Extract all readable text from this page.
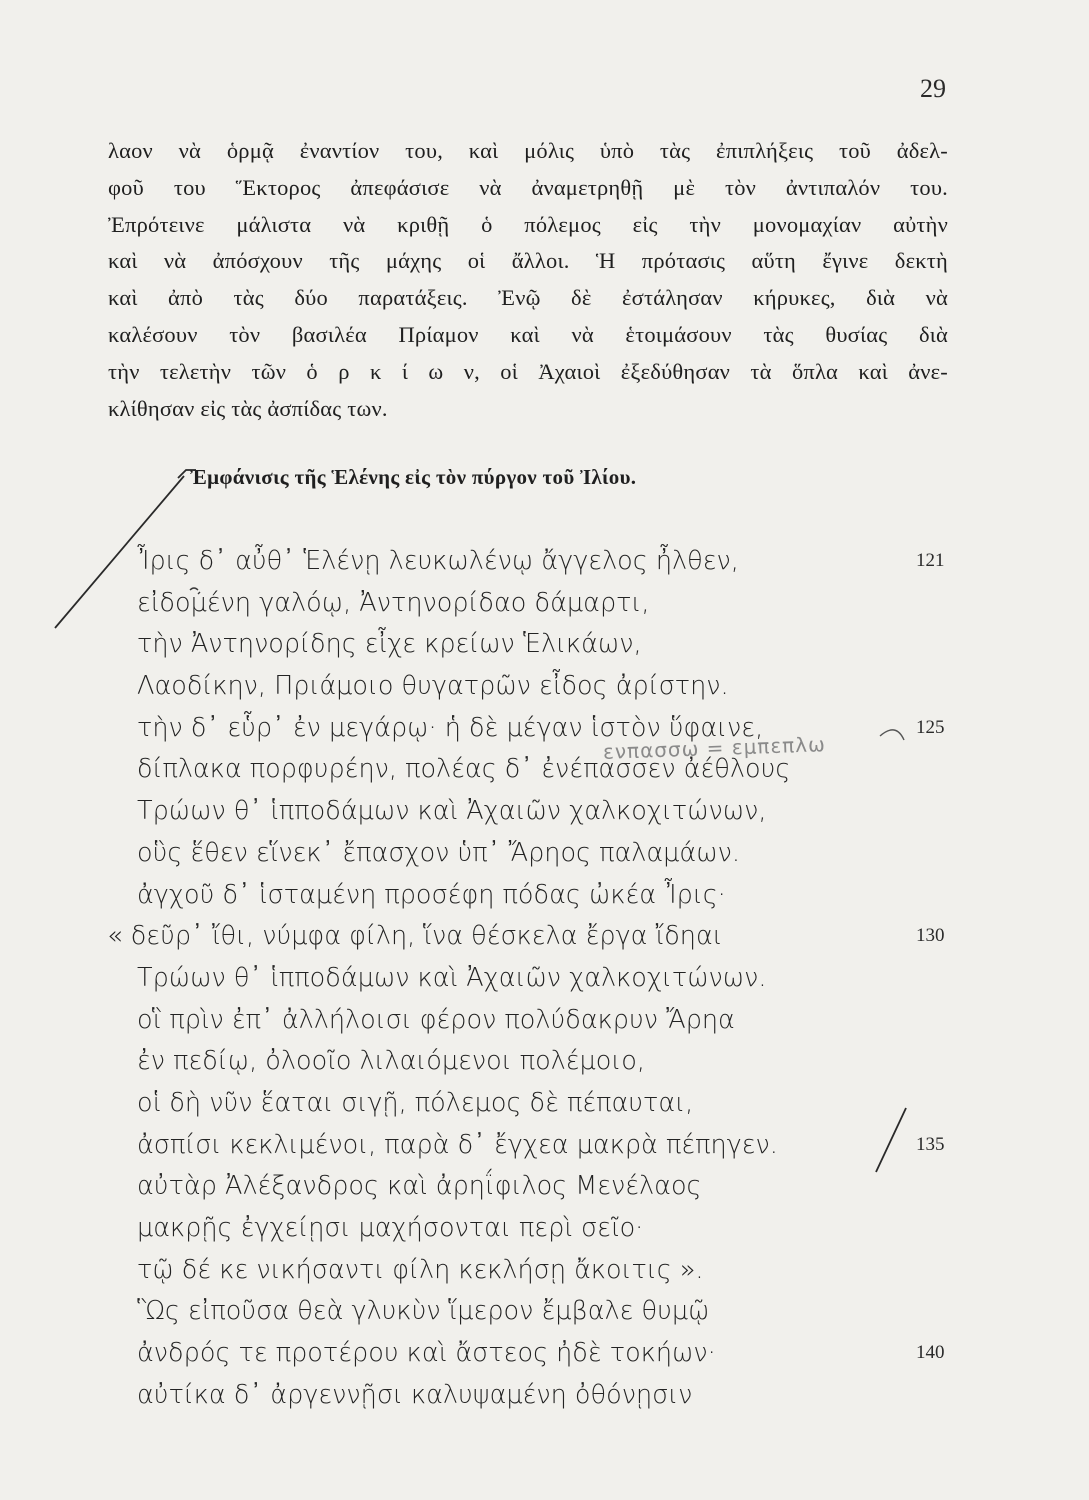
29
λαον νὰ ὁρμᾷ ἐναντίον του, καὶ μόλις ὑπὸ τὰς ἐπιπλήξεις τοῦ ἀδελ-
φοῦ του Ἕκτορος ἀπεφάσισε νὰ ἀναμετρηθῇ μὲ τὸν ἀντιπαλόν του.
Ἐπρότεινε μάλιστα νὰ κριθῇ ὁ πόλεμος εἰς τὴν μονομαχίαν αὐτὴν
καὶ νὰ ἀπόσχουν τῆς μάχης οἱ ἄλλοι. Ἡ πρότασις αὕτη ἔγινε δεκτὴ
καὶ ἀπὸ τὰς δύο παρατάξεις. Ἐνῷ δὲ ἐστάλησαν κήρυκες, διὰ νὰ
καλέσουν τὸν βασιλέα Πρίαμον καὶ νὰ ἑτοιμάσουν τὰς θυσίας διὰ
τὴν τελετὴν τῶν ὁ ρ κ ί ω ν, οἱ Ἀχαιοὶ ἐξεδύθησαν τὰ ὅπλα καὶ ἀνε-
κλίθησαν εἰς τὰς ἀσπίδας των.
Ἐμφάνισις τῆς Ἑλένης εἰς τὸν πύργον τοῦ Ἰλίου.
Ἶρις δ᾽ αὖθ᾽ Ἑλένῃ λευκωλένῳ ἄγγελος ἦλθεν,	121
εἰδομένη γαλόῳ, Ἀντηνορίδαο δάμαρτι,
τὴν Ἀντηνορίδης εἶχε κρείων Ἑλικάων,
Λαοδίκην, Πριάμοιο θυγατρῶν εἶδος ἀρίστην.
τὴν δ᾽ εὗρ᾽ ἐν μεγάρῳ· ἡ δὲ μέγαν ἱστὸν ὕφαινε,	125
δίπλακα πορφυρέην, πολέας δ᾽ ἐνέπασσεν ἀέθλους
Τρώων θ᾽ ἱπποδάμων καὶ Ἀχαιῶν χαλκοχιτώνων,
οὓς ἕθεν εἵνεκ᾽ ἔπασχον ὑπ᾽ Ἄρηος παλαμάων.
ἀγχοῦ δ᾽ ἱσταμένη προσέφη πόδας ὠκέα Ἶρις·
« δεῦρ᾽ ἴθι, νύμφα φίλη, ἵνα θέσκελα ἔργα ἴδηαι	130
Τρώων θ᾽ ἱπποδάμων καὶ Ἀχαιῶν χαλκοχιτώνων.
οἳ πρὶν ἐπ᾽ ἀλλήλοισι φέρον πολύδακρυν Ἄρηα
ἐν πεδίῳ, ὀλοοῖο λιλαιόμενοι πολέμοιο,
οἱ δὴ νῦν ἕαται σιγῇ, πόλεμος δὲ πέπαυται,
ἀσπίσι κεκλιμένοι, παρὰ δ᾽ ἔγχεα μακρὰ πέπηγεν.	135
αὐτὰρ Ἀλέξανδρος καὶ ἀρηΐφιλος Μενέλαος
μακρῇς ἐγχείῃσι μαχήσονται περὶ σεῖο·
τῷ δέ κε νικήσαντι φίλη κεκλήσῃ ἄκοιτις ».
Ὣς εἰποῦσα θεὰ γλυκὺν ἵμερον ἔμβαλε θυμῷ
ἀνδρός τε προτέρου καὶ ἄστεος ἠδὲ τοκήων·	140
αὐτίκα δ᾽ ἀργεννῇσι καλυψαμένη ὀθόνῃσιν
ενπασσω = εμπεπλω
